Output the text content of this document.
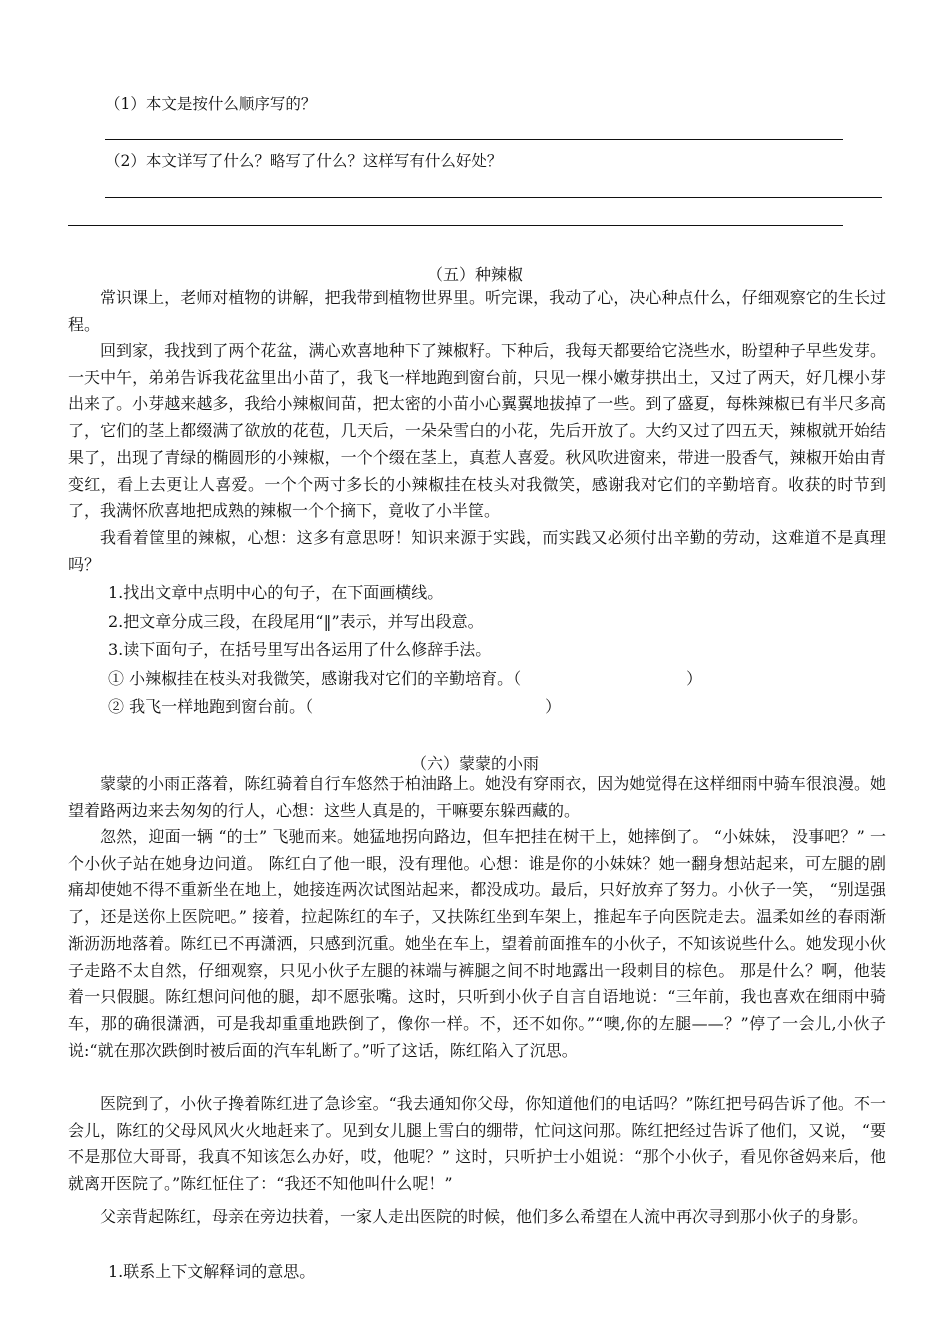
（1）本文是按什么顺序写的？
（2）本文详写了什么？略写了什么？这样写有什么好处？
（五）种辣椒
常识课上，老师对植物的讲解，把我带到植物世界里。听完课，我动了心，决心种点什么，仔细观察它的生长过程。
回到家，我找到了两个花盆，满心欢喜地种下了辣椒籽。下种后，我每天都要给它浇些水，盼望种子早些发芽。一天中午，弟弟告诉我花盆里出小苗了，我飞一样地跑到窗台前，只见一棵小嫩芽拱出土，又过了两天，好几棵小芽出来了。小芽越来越多，我给小辣椒间苗，把太密的小苗小心翼翼地拔掉了一些。到了盛夏，每株辣椒已有半尺多高了，它们的茎上都缀满了欲放的花苞，几天后，一朵朵雪白的小花，先后开放了。大约又过了四五天，辣椒就开始结果了，出现了青绿的椭圆形的小辣椒，一个个缀在茎上，真惹人喜爱。秋风吹进窗来，带进一股香气，辣椒开始由青变红，看上去更让人喜爱。一个个两寸多长的小辣椒挂在枝头对我微笑，感谢我对它们的辛勤培育。收获的时节到了，我满怀欣喜地把成熟的辣椒一个个摘下，竟收了小半筐。
我看着筐里的辣椒，心想：这多有意思呀！知识来源于实践，而实践又必须付出辛勤的劳动，这难道不是真理吗？
1.找出文章中点明中心的句子，在下面画横线。
2.把文章分成三段，在段尾用“‖”表示，并写出段意。
3.读下面句子，在括号里写出各运用了什么修辞手法。
① 小辣椒挂在枝头对我微笑，感谢我对它们的辛勤培育。（	）
② 我飞一样地跑到窗台前。（	）
（六）蒙蒙的小雨
蒙蒙的小雨正落着，陈红骑着自行车悠然于柏油路上。她没有穿雨衣，因为她觉得在这样细雨中骑车很浪漫。她望着路两边来去匆匆的行人，心想：这些人真是的，干嘛要东躲西藏的。
忽然，迎面一辆 “的士” 飞驰而来。她猛地拐向路边，但车把挂在树干上，她摔倒了。 “小妹妹， 没事吧？” 一个小伙子站在她身边问道。 陈红白了他一眼，没有理他。心想：谁是你的小妹妹？她一翻身想站起来，可左腿的剧痛却使她不得不重新坐在地上，她接连两次试图站起来，都没成功。最后，只好放弃了努力。小伙子一笑， “别逞强了，还是送你上医院吧。” 接着，拉起陈红的车子，又扶陈红坐到车架上，推起车子向医院走去。温柔如丝的春雨渐渐沥沥地落着。陈红已不再潇洒，只感到沉重。她坐在车上，望着前面推车的小伙子，不知该说些什么。她发现小伙子走路不太自然，仔细观察，只见小伙子左腿的袜端与裤腿之间不时地露出一段刺目的棕色。 那是什么？啊，他装着一只假腿。陈红想问问他的腿，却不愿张嘴。这时，只听到小伙子自言自语地说：“三年前，我也喜欢在细雨中骑车，那的确很潇洒，可是我却重重地跌倒了，像你一样。不，还不如你。”“噢,你的左腿——？”停了一会儿,小伙子说:“就在那次跌倒时被后面的汽车轧断了。”听了这话，陈红陷入了沉思。
医院到了，小伙子搀着陈红进了急诊室。“我去通知你父母，你知道他们的电话吗？”陈红把号码告诉了他。不一会儿，陈红的父母风风火火地赶来了。见到女儿腿上雪白的绷带，忙问这问那。陈红把经过告诉了他们，又说， “要不是那位大哥哥，我真不知该怎么办好，哎，他呢？” 这时，只听护士小姐说：“那个小伙子，看见你爸妈来后，他就离开医院了。”陈红怔住了：“我还不知他叫什么呢！”
父亲背起陈红，母亲在旁边扶着，一家人走出医院的时候，他们多么希望在人流中再次寻到那小伙子的身影。
1.联系上下文解释词的意思。
